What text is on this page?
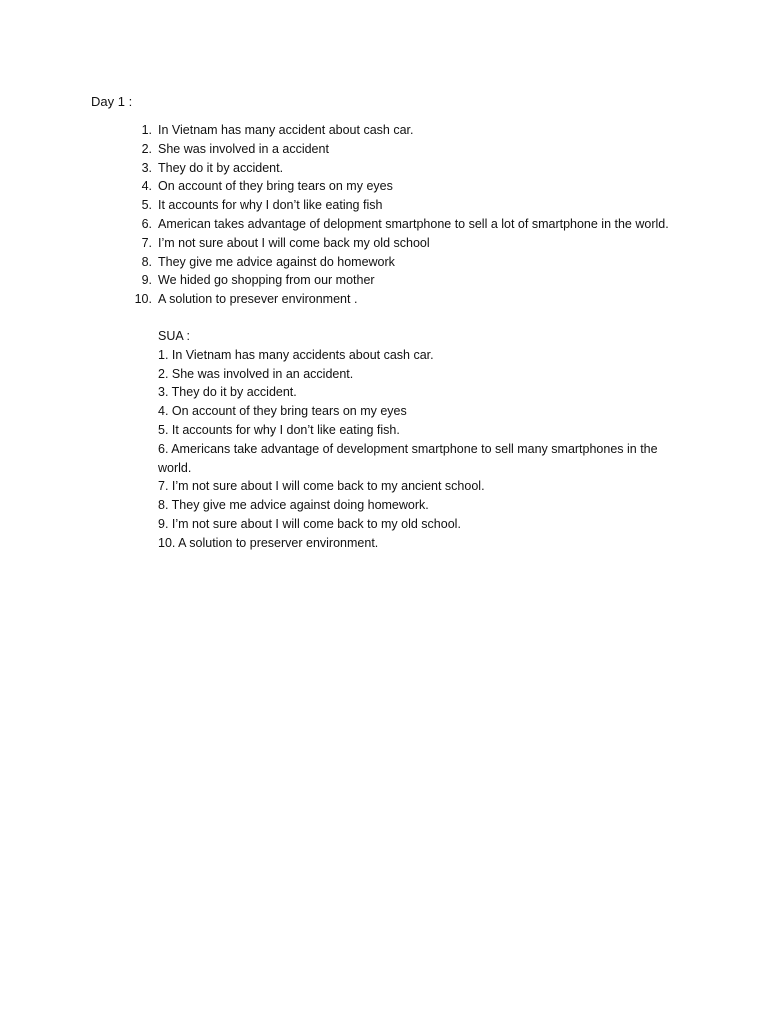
Day 1 :
1. In Vietnam has many accident about cash car.
2. She was involved in a accident
3. They do it by accident.
4. On account of they bring tears on my eyes
5. It accounts for why I don’t like eating fish
6. American takes advantage of delopment smartphone to sell a lot of smartphone in the world.
7. I’m not sure about I will come back my old school
8. They give me advice against do homework
9. We hided go shopping from our mother
10. A solution to presever environment .
SUA :
1. In Vietnam has many accidents about cash car.
2. She was involved in an accident.
3. They do it by accident.
4. On account of they bring tears on my eyes
5. It accounts for why I don’t like eating fish.
6. Americans take advantage of development smartphone to sell many smartphones in the world.
7. I’m not sure about I will come back to my ancient school.
8. They give me advice against doing homework.
9. I’m not sure about I will come back to my old school.
10. A solution to preserver environment.
